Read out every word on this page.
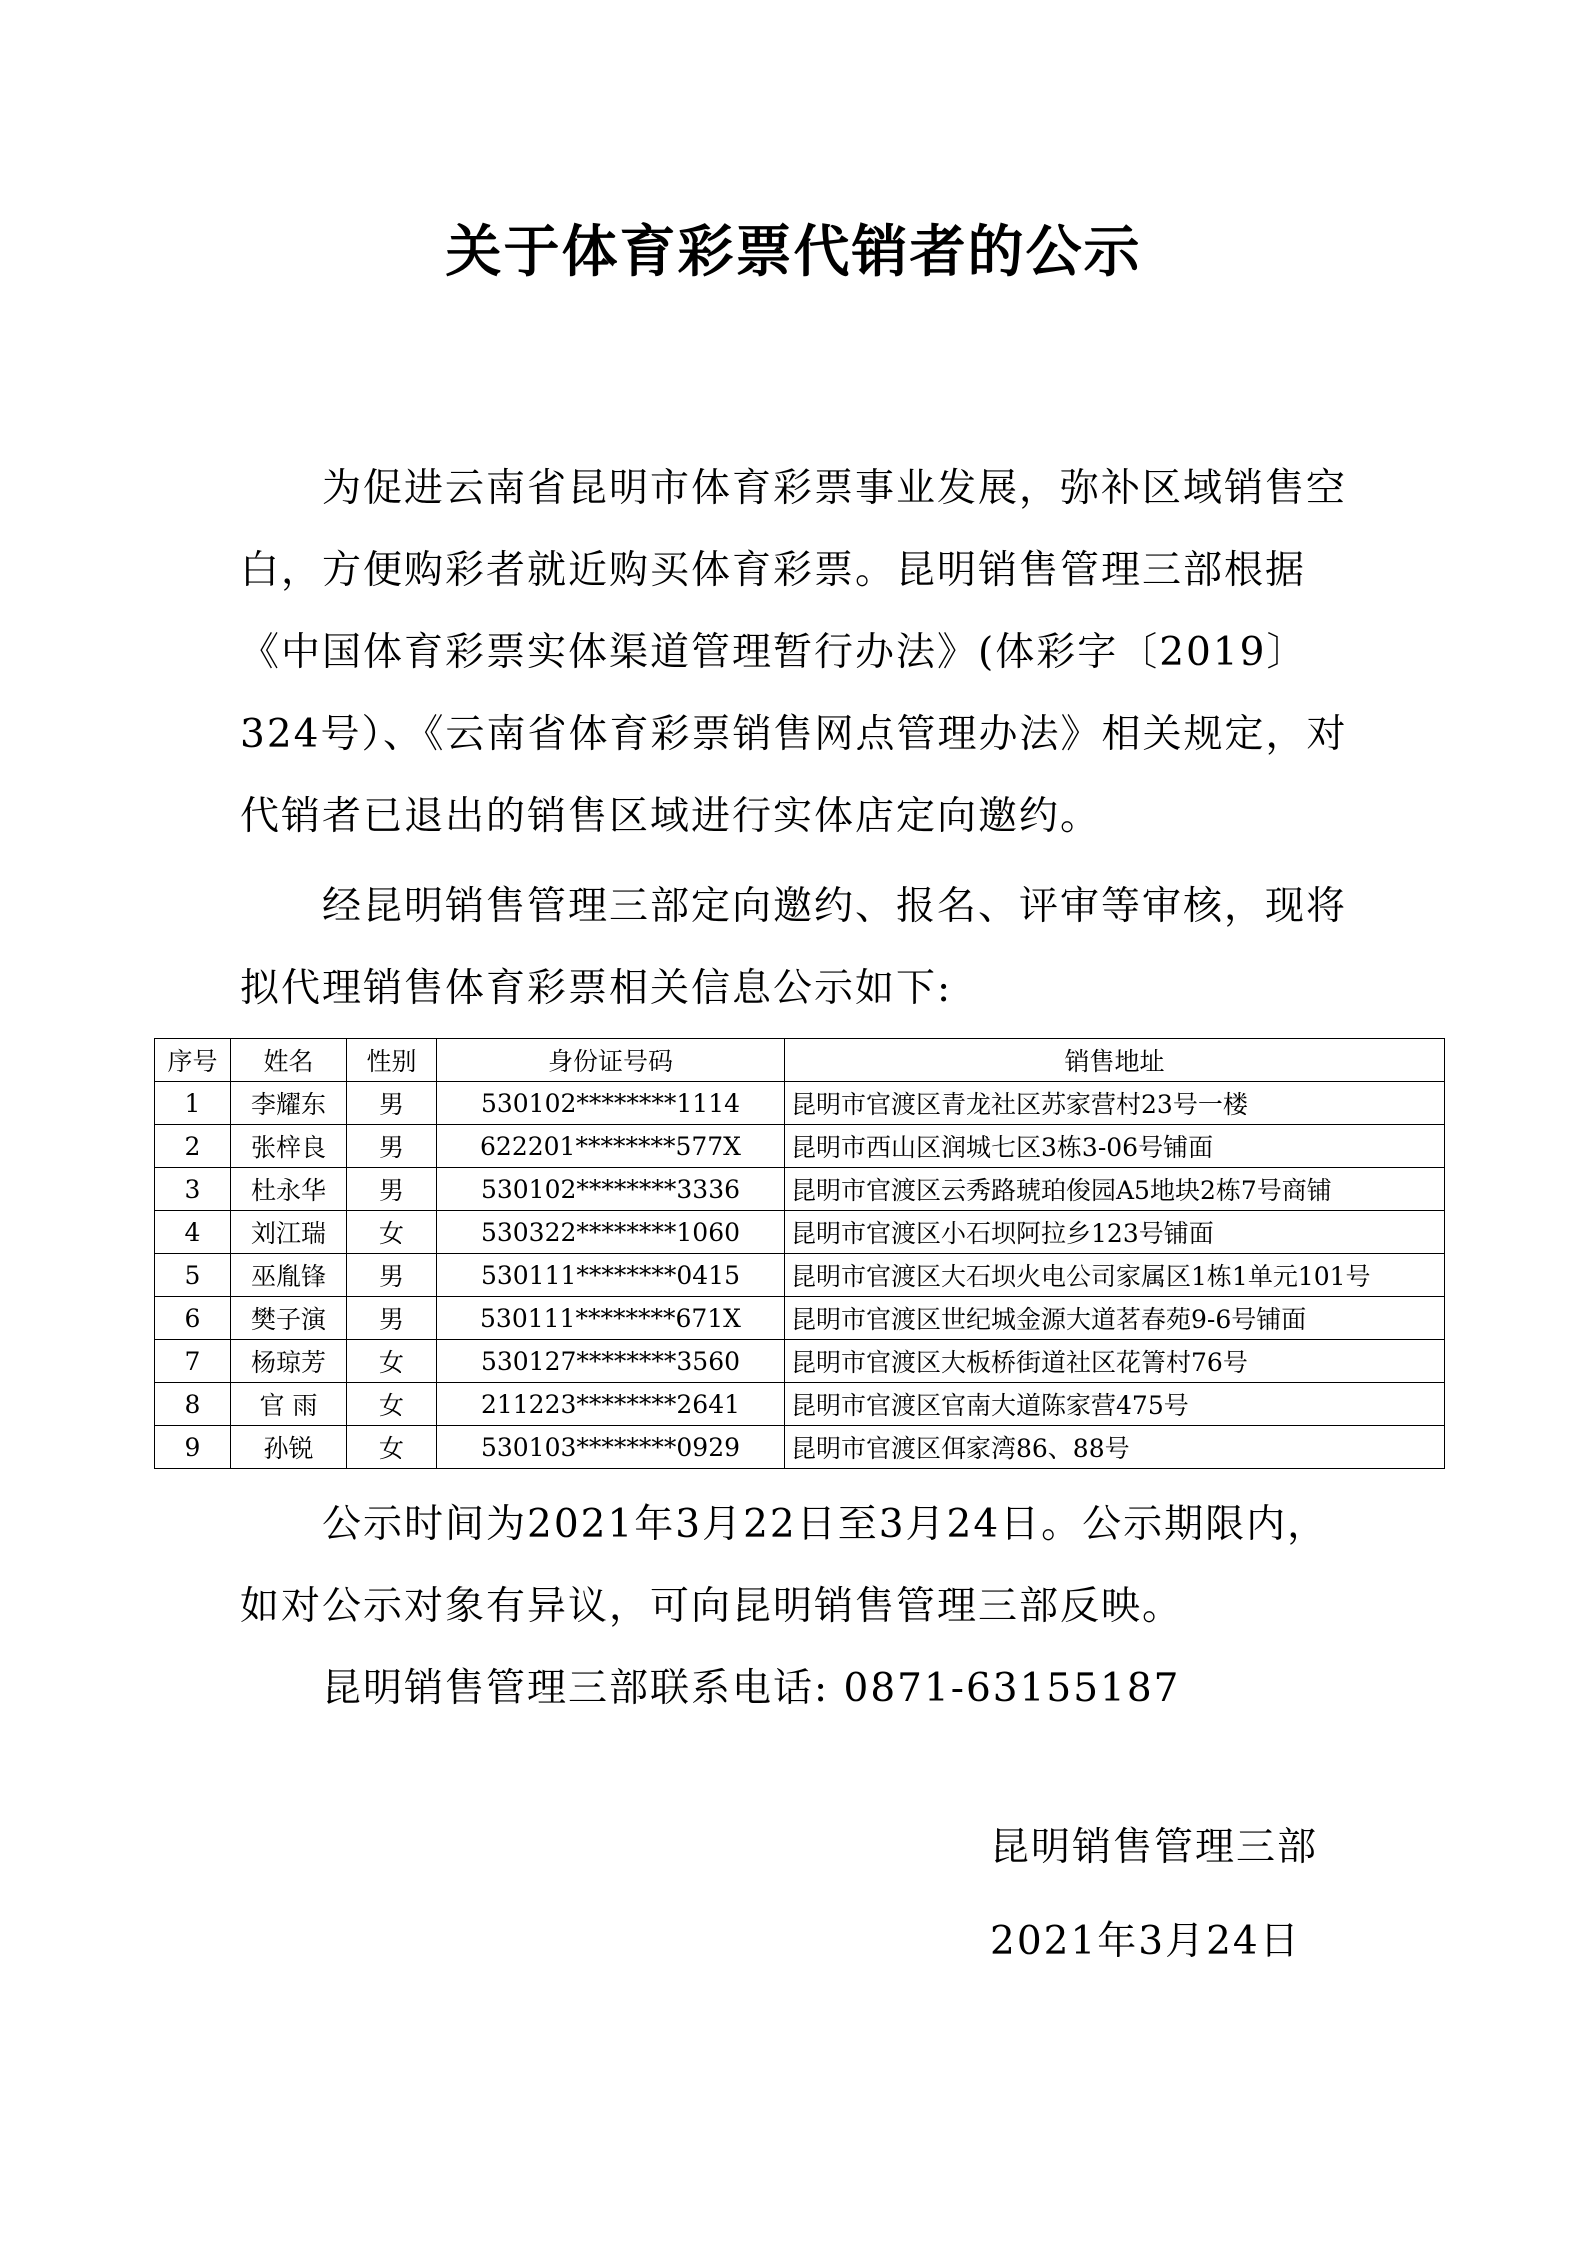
关于体育彩票代销者的公示

为促进云南省昆明市体育彩票事业发展，弥补区域销售空白，方便购彩者就近购买体育彩票。昆明销售管理三部根据《中国体育彩票实体渠道管理暂行办法》(体彩字〔2019〕324号）、《云南省体育彩票销售网点管理办法》相关规定，对代销者已退出的销售区域进行实体店定向邀约。

经昆明销售管理三部定向邀约、报名、评审等审核，现将拟代理销售体育彩票相关信息公示如下:

序号	姓名	性别	身份证号码	销售地址
1	李耀东	男	530102********1114	昆明市官渡区青龙社区苏家营村23号一楼
2	张梓良	男	622201********577X	昆明市西山区润城七区3栋3-06号铺面
3	杜永华	男	530102********3336	昆明市官渡区云秀路琥珀俊园A5地块2栋7号商铺
4	刘江瑞	女	530322********1060	昆明市官渡区小石坝阿拉乡123号铺面
5	巫胤锋	男	530111********0415	昆明市官渡区大石坝火电公司家属区1栋1单元101号
6	樊子演	男	530111********671X	昆明市官渡区世纪城金源大道茗春苑9-6号铺面
7	杨琼芳	女	530127********3560	昆明市官渡区大板桥街道社区花箐村76号
8	官 雨	女	211223********2641	昆明市官渡区官南大道陈家营475号
9	孙锐	女	530103********0929	昆明市官渡区佴家湾86、88号

公示时间为2021年3月22日至3月24日。公示期限内，如对公示对象有异议，可向昆明销售管理三部反映。

昆明销售管理三部联系电话: 0871-63155187

昆明销售管理三部

2021年3月24日
